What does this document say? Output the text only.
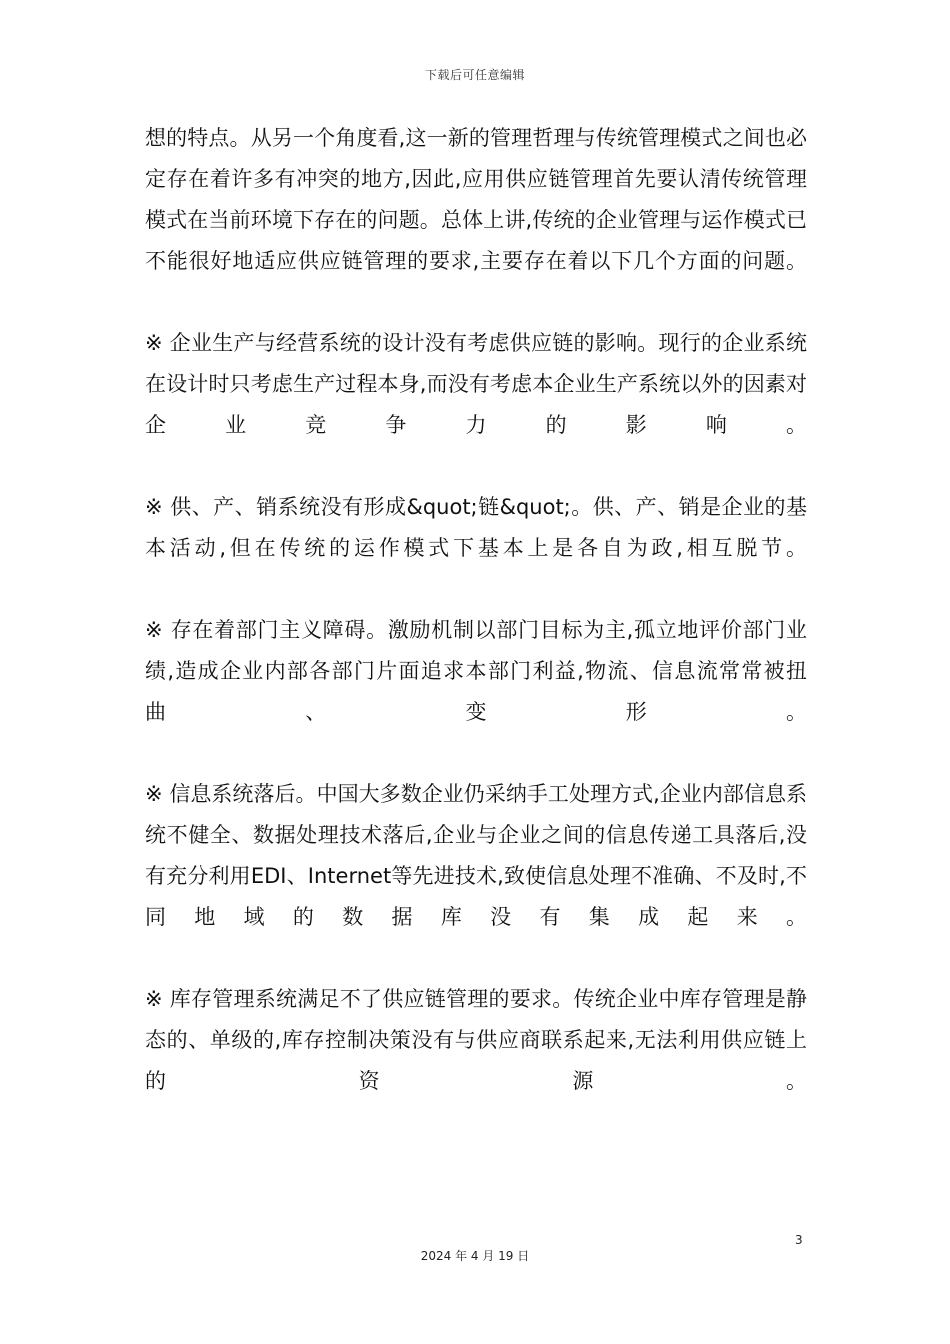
下载后可任意编辑

想的特点。从另一个角度看,这一新的管理哲理与传统管理模式之间也必定存在着许多有冲突的地方,因此,应用供应链管理首先要认清传统管理模式在当前环境下存在的问题。总体上讲,传统的企业管理与运作模式已不能很好地适应供应链管理的要求,主要存在着以下几个方面的问题。

※ 企业生产与经营系统的设计没有考虑供应链的影响。现行的企业系统在设计时只考虑生产过程本身,而没有考虑本企业生产系统以外的因素对企业竞争力的影响。

※ 供、产、销系统没有形成&quot;链&quot;。供、产、销是企业的基本活动,但在传统的运作模式下基本上是各自为政,相互脱节。

※ 存在着部门主义障碍。激励机制以部门目标为主,孤立地评价部门业绩,造成企业内部各部门片面追求本部门利益,物流、信息流常常被扭曲、变形。

※ 信息系统落后。中国大多数企业仍采纳手工处理方式,企业内部信息系统不健全、数据处理技术落后,企业与企业之间的信息传递工具落后,没有充分利用EDI、Internet等先进技术,致使信息处理不准确、不及时,不同地域的数据库没有集成起来。

※ 库存管理系统满足不了供应链管理的要求。传统企业中库存管理是静态的、单级的,库存控制决策没有与供应商联系起来,无法利用供应链上的资源。

3
2024 年 4 月 19 日
